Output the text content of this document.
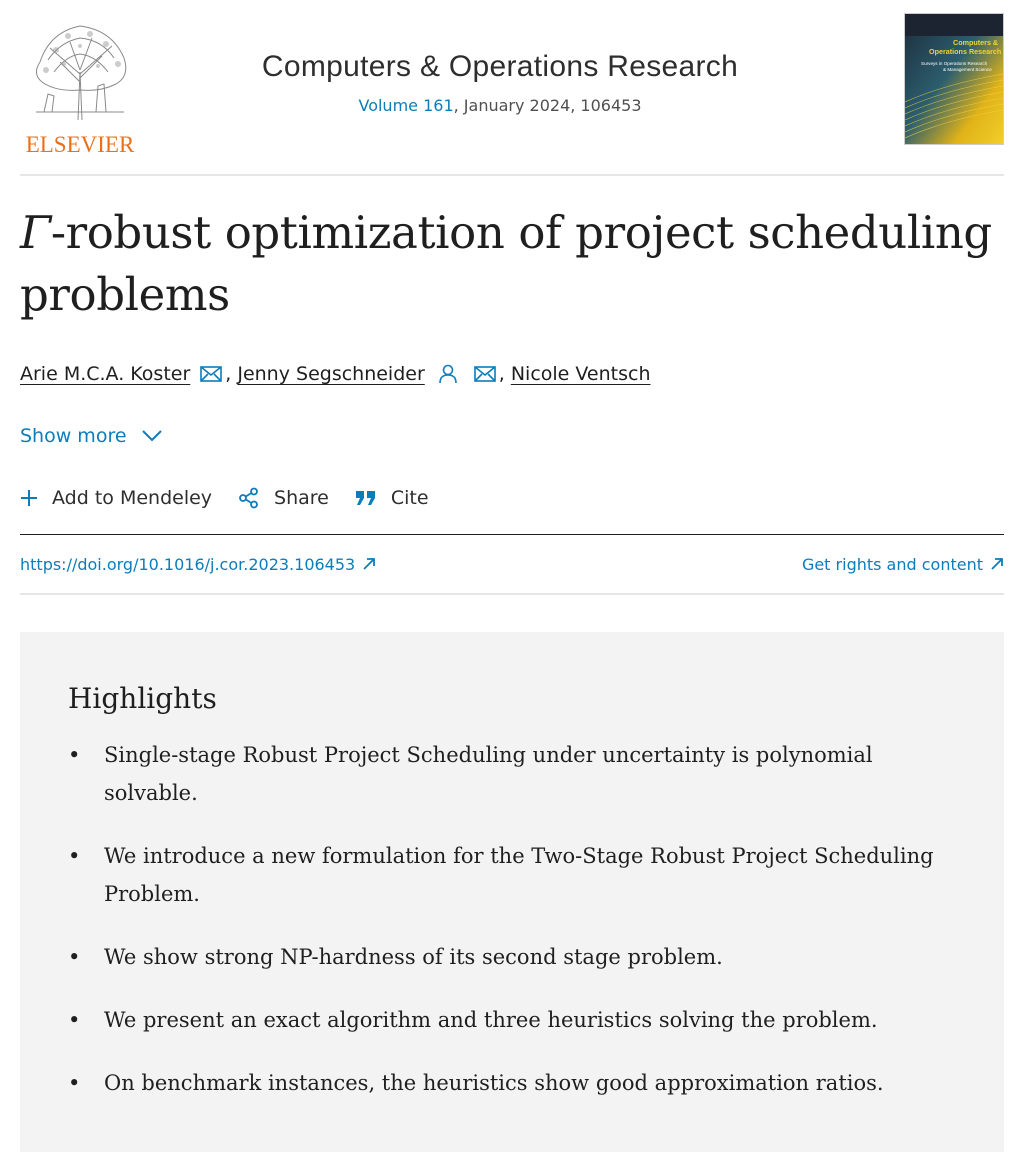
ELSEVIER
Computers & Operations Research
Volume 161, January 2024, 106453
Computers &
Operations Research
Surveys in Operations Research
& Management Science
Γ-robust optimization of project scheduling problems
Arie M.C.A. Koster , Jenny Segschneider	, Nicole Ventsch
Show more
Add to Mendeley	Share	Cite
https://doi.org/10.1016/j.cor.2023.106453	Get rights and content
Highlights
• Single-stage Robust Project Scheduling under uncertainty is polynomial solvable.
• We introduce a new formulation for the Two-Stage Robust Project Scheduling Problem.
• We show strong NP-hardness of its second stage problem.
• We present an exact algorithm and three heuristics solving the problem.
• On benchmark instances, the heuristics show good approximation ratios.
